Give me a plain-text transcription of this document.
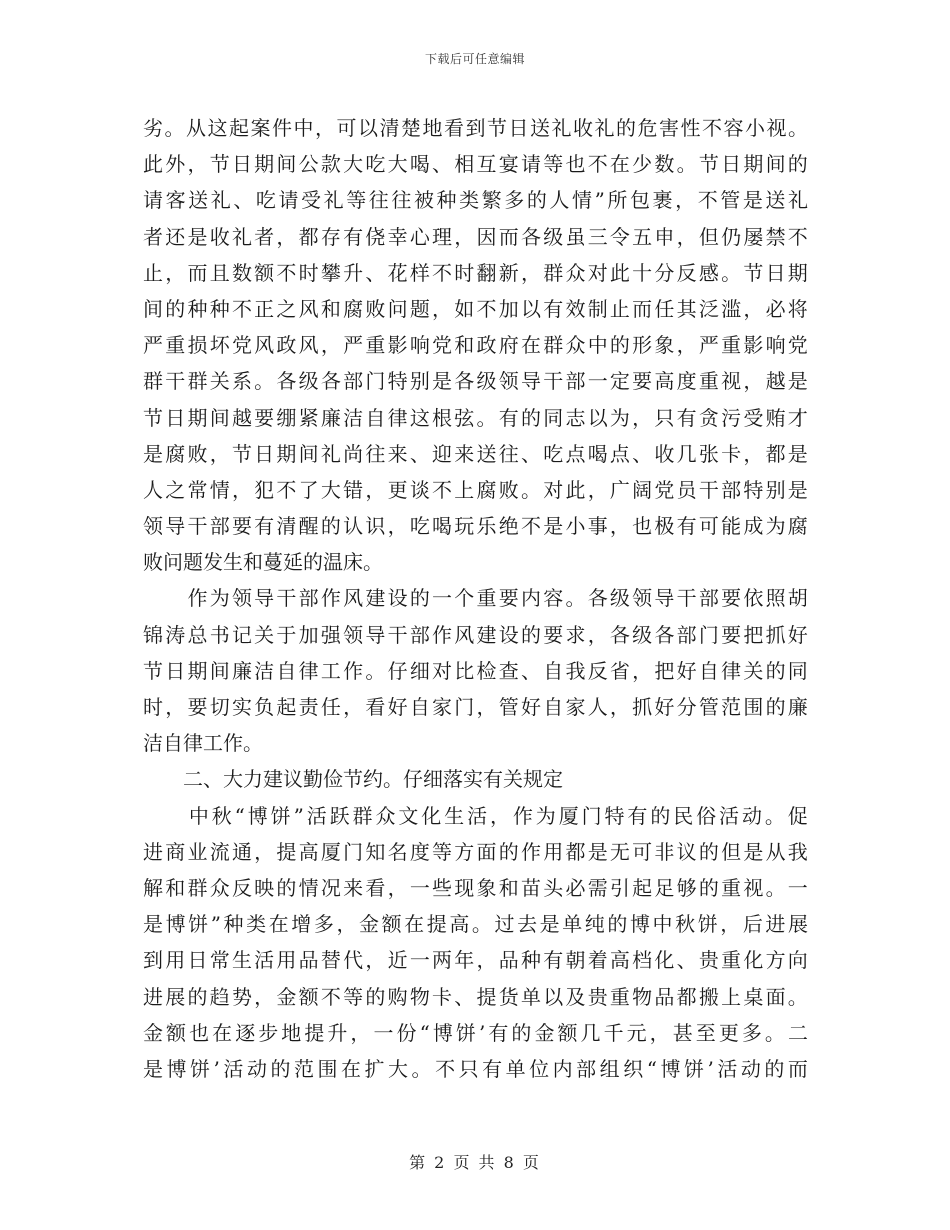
下载后可任意编辑
劣 。 从 这 起 案 件 中 ， 可 以 清 楚 地 看 到 节 日 送 礼 收 礼 的 危 害 性 不 容 小 视 。
此 外 ， 节 日 期 间 公 款 大 吃 大 喝 、 相 互 宴 请 等 也 不 在 少 数 。 节 日 期 间 的
请 客 送 礼 、 吃 请 受 礼 等 往 往 被 种 类 繁 多 的 人 情 ” 所 包 裹 ， 不 管 是 送 礼
者 还 是 收 礼 者 ， 都 存 有 侥 幸 心 理 ， 因 而 各 级 虽 三 令 五 申 ， 但 仍 屡 禁 不
止 ， 而 且 数 额 不 时 攀 升 、 花 样 不 时 翻 新 ， 群 众 对 此 十 分 反 感 。 节 日 期
间 的 种 种 不 正 之 风 和 腐 败 问 题 ， 如 不 加 以 有 效 制 止 而 任 其 泛 滥 ， 必 将
严 重 损 坏 党 风 政 风 ， 严 重 影 响 党 和 政 府 在 群 众 中 的 形 象 ， 严 重 影 响 党
群 干 群 关 系 。 各 级 各 部 门 特 别 是 各 级 领 导 干 部 一 定 要 高 度 重 视 ， 越 是
节 日 期 间 越 要 绷 紧 廉 洁 自 律 这 根 弦 。 有 的 同 志 以 为 ， 只 有 贪 污 受 贿 才
是 腐 败 ， 节 日 期 间 礼 尚 往 来 、 迎 来 送 往 、 吃 点 喝 点 、 收 几 张 卡 ， 都 是
人 之 常 情 ， 犯 不 了 大 错 ， 更 谈 不 上 腐 败 。 对 此 ， 广 阔 党 员 干 部 特 别 是
领 导 干 部 要 有 清 醒 的 认 识 ， 吃 喝 玩 乐 绝 不 是 小 事 ， 也 极 有 可 能 成 为 腐
败问题发生和蔓延的温床。

作 为 领 导 干 部 作 风 建 设 的 一 个 重 要 内 容 。 各 级 领 导 干 部 要 依 照 胡
锦 涛 总 书 记 关 于 加 强 领 导 干 部 作 风 建 设 的 要 求 ， 各 级 各 部 门 要 把 抓 好
节 日 期 间 廉 洁 自 律 工 作 。 仔 细 对 比 检 查 、 自 我 反 省 ， 把 好 自 律 关 的 同
时 ， 要 切 实 负 起 责 任 ， 看 好 自 家 门 ， 管 好 自 家 人 ， 抓 好 分 管 范 围 的 廉
洁自律工作。
　　二、大力建议勤俭节约。仔细落实有关规定

中 秋 “ 博 饼 ” 活 跃 群 众 文 化 生 活 ， 作 为 厦 门 特 有 的 民 俗 活 动 。 促
进 商 业 流 通 ， 提 高 厦 门 知 名 度 等 方 面 的 作 用 都 是 无 可 非 议 的 但 是 从 我
解 和 群 众 反 映 的 情 况 来 看 ， 一 些 现 象 和 苗 头 必 需 引 起 足 够 的 重 视 。 一
是 博 饼 ” 种 类 在 增 多 ， 金 额 在 提 高 。 过 去 是 单 纯 的 博 中 秋 饼 ， 后 进 展
到 用 日 常 生 活 用 品 替 代 ， 近 一 两 年 ， 品 种 有 朝 着 高 档 化 、 贵 重 化 方 向
进 展 的 趋 势 ， 金 额 不 等 的 购 物 卡 、 提 货 单 以 及 贵 重 物 品 都 搬 上 桌 面 。
金 额 也 在 逐 步 地 提 升 ， 一 份 “ 博 饼 ’ 有 的 金 额 几 千 元 ， 甚 至 更 多 。 二
是 博 饼 ’ 活 动 的 范 围 在 扩 大 。 不 只 有 单 位 内 部 组 织 “ 博 饼 ’ 活 动 的 而
第 2 页 共 8 页
